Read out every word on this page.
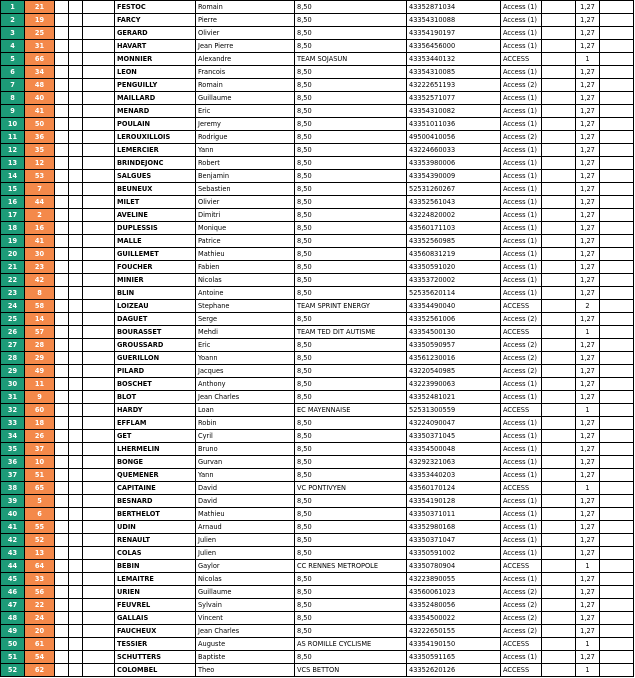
1	21				FESTOC	Romain	8,50	43352871034	Access (1)		1,27	
2	19				FARCY	Pierre	8,50	43354310088	Access (1)		1,27	
3	25				GERARD	Olivier	8,50	43354190197	Access (1)		1,27	
4	31				HAVART	Jean Pierre	8,50	43356456000	Access (1)		1,27	
5	66				MONNIER	Alexandre	TEAM SOJASUN	43353440132	ACCESS		1	
6	34				LEON	Francois	8,50	43354310085	Access (1)		1,27	
7	48				PENGUILLY	Romain	8,50	43222651193	Access (2)		1,27	
8	40				MAILLARD	Guillaume	8,50	43352571077	Access (1)		1,27	
9	41				MENARD	Eric	8,50	43354310082	Access (1)		1,27	
10	50				POULAIN	Jeremy	8,50	43351011036	Access (1)		1,27	
11	36				LEROUXILLOIS	Rodrigue	8,50	49500410056	Access (2)		1,27	
12	35				LEMERCIER	Yann	8,50	43224660033	Access (1)		1,27	
13	12				BRINDEJONC	Robert	8,50	43353980006	Access (1)		1,27	
14	53				SALGUES	Benjamin	8,50	43354390009	Access (1)		1,27	
15	7				BEUNEUX	Sebastien	8,50	52531260267	Access (1)		1,27	
16	44				MILET	Olivier	8,50	43352561043	Access (1)		1,27	
17	2				AVELINE	Dimitri	8,50	43224820002	Access (1)		1,27	
18	16				DUPLESSIS	Monique	8,50	43560171103	Access (1)		1,27	
19	41				MALLE	Patrice	8,50	43352560985	Access (1)		1,27	
20	30				GUILLEMET	Mathieu	8,50	43560831219	Access (1)		1,27	
21	23				FOUCHER	Fabien	8,50	43350591020	Access (1)		1,27	
22	42				MINIER	Nicolas	8,50	43353720002	Access (1)		1,27	
23	8				BLIN	Antoine	8,50	52535620114	Access (1)		1,27	
24	58				LOIZEAU	Stephane	TEAM SPRINT ENERGY	43354490040	ACCESS		2	
25	14				DAGUET	Serge	8,50	43352561006	Access (2)		1,27	
26	57				BOURASSET	Mehdi	TEAM TED DIT AUTISME	43354500130	ACCESS		1	
27	28				GROUSSARD	Eric	8,50	43350590957	Access (2)		1,27	
28	29				GUERILLON	Yoann	8,50	43561230016	Access (2)		1,27	
29	49				PILARD	Jacques	8,50	43220540985	Access (2)		1,27	
30	11				BOSCHET	Anthony	8,50	43223990063	Access (1)		1,27	
31	9				BLOT	Jean Charles	8,50	43352481021	Access (1)		1,27	
32	60				HARDY	Loan	EC MAYENNAISE	52531300559	ACCESS		1	
33	18				EFFLAM	Robin	8,50	43224090047	Access (1)		1,27	
34	26				GET	Cyril	8,50	43350371045	Access (1)		1,27	
35	37				LHERMELIN	Bruno	8,50	43354500048	Access (1)		1,27	
36	10				BONGE	Gurvan	8,50	43292321063	Access (1)		1,27	
37	51				QUEMENER	Yann	8,50	43353440203	Access (1)		1,27	
38	65				CAPITAINE	David	VC PONTIVYEN	43560170124	ACCESS		1	
39	5				BESNARD	David	8,50	43354190128	Access (1)		1,27	
40	6				BERTHELOT	Mathieu	8,50	43350371011	Access (1)		1,27	
41	55				UDIN	Arnaud	8,50	43352980168	Access (1)		1,27	
42	52				RENAULT	Julien	8,50	43350371047	Access (1)		1,27	
43	13				COLAS	Julien	8,50	43350591002	Access (1)		1,27	
44	64				BEBIN	Gaylor	CC RENNES METROPOLE	43350780904	ACCESS		1	
45	33				LEMAITRE	Nicolas	8,50	43223890055	Access (1)		1,27	
46	56				URIEN	Guillaume	8,50	43560061023	Access (2)		1,27	
47	22				FEUVREL	Sylvain	8,50	43352480056	Access (2)		1,27	
48	24				GALLAIS	Vincent	8,50	43354500022	Access (2)		1,27	
49	20				FAUCHEUX	Jean Charles	8,50	43222650155	Access (2)		1,27	
50	61				TESSIER	Auguste	AS ROMILLE CYCLISME	43354190150	ACCESS		1	
51	54				SCHUTTERS	Baptiste	8,50	43350591165	Access (1)		1,27	
52	62				COLOMBEL	Theo	VCS BETTON	43352620126	ACCESS		1	
